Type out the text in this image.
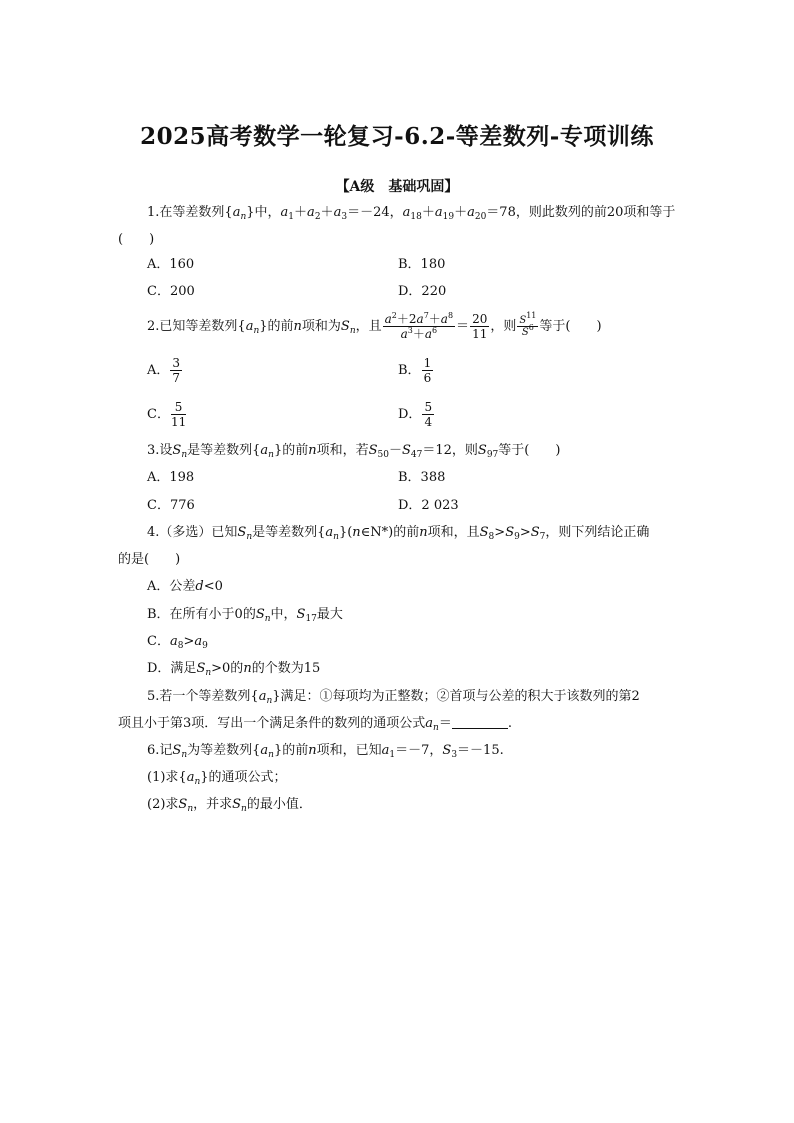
2025高考数学一轮复习-6.2-等差数列-专项训练
【A级　基础巩固】
1.在等差数列$\{a_n\}$中，$a_1+a_2+a_3=-24$，$a_{18}+a_{19}+a_{20}=78$，则此数列的前20项和等于
(　　)
A．160	B．180
C．200	D．220
2.已知等差数列$\{a_n\}$的前n项和为$S_n$，且 $\frac{a^2+2a^7+a^8}{a^3+a^6} = \frac{20}{11}$ ，则 $\frac{S^{11}}{S^6}$ 等于(　　)
A． $\frac{3}{7}$	B． $\frac{1}{6}$
C． $\frac{5}{11}$	D． $\frac{5}{4}$
3.设$S_n$是等差数列$\{a_n\}$的前n项和，若$S_{50}-S_{47}=12$，则$S_{97}$等于(　　)
A．198	B．388
C．776	D．2 023
4.（多选）已知$S_n$是等差数列$\{a_n\}(n\in N*)$的前n项和，且$S_8>S_9>S_7$，则下列结论正确
的是(　　)
A．公差d<0
B．在所有小于0的$S_n$中，$S_{17}$最大
C．$a_8>a_9$
D．满足$S_n>0$的n的个数为15
5.若一个等差数列$\{a_n\}$满足：①每项均为正整数；②首项与公差的积大于该数列的第2
项且小于第3项．写出一个满足条件的数列的通项公式$a_n=$	.
6.记$S_n$为等差数列$\{a_n\}$的前n项和，已知$a_1=-7$，$S_3=-15$.
(1)求$\{a_n\}$的通项公式；
(2)求$S_n$，并求$S_n$的最小值．
